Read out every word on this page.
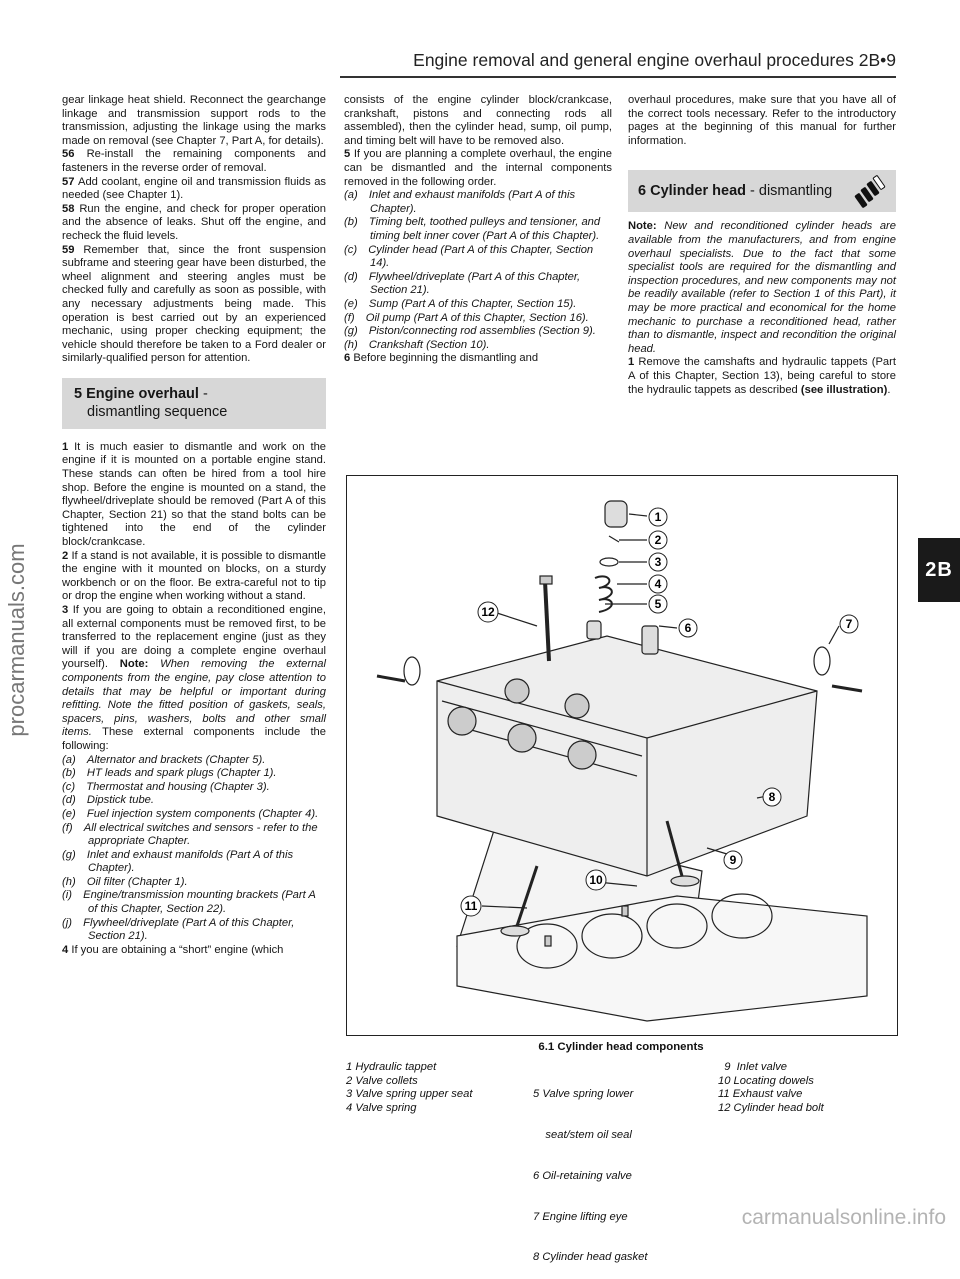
Engine removal and general engine overhaul procedures 2B•9
2B
procarmanuals.com
carmanualsonline.info

gear linkage heat shield. Reconnect the gearchange linkage and transmission support rods to the transmission, adjusting the linkage using the marks made on removal (see Chapter 7, Part A, for details).

56 Re-install the remaining components and fasteners in the reverse order of removal.

57 Add coolant, engine oil and transmission fluids as needed (see Chapter 1).

58 Run the engine, and check for proper operation and the absence of leaks. Shut off the engine, and recheck the fluid levels.

59 Remember that, since the front suspension subframe and steering gear have been disturbed, the wheel alignment and steering angles must be checked fully and carefully as soon as possible, with any necessary adjustments being made. This operation is best carried out by an experienced mechanic, using proper checking equipment; the vehicle should therefore be taken to a Ford dealer or similarly-qualified person for attention.

5 Engine overhaul -
dismantling sequence

1 It is much easier to dismantle and work on the engine if it is mounted on a portable engine stand. These stands can often be hired from a tool hire shop. Before the engine is mounted on a stand, the flywheel/driveplate should be removed (Part A of this Chapter, Section 21) so that the stand bolts can be tightened into the end of the cylinder block/crankcase.

2 If a stand is not available, it is possible to dismantle the engine with it mounted on blocks, on a sturdy workbench or on the floor. Be extra-careful not to tip or drop the engine when working without a stand.

3 If you are going to obtain a reconditioned engine, all external components must be removed first, to be transferred to the replacement engine (just as they will if you are doing a complete engine overhaul yourself). Note: When removing the external components from the engine, pay close attention to details that may be helpful or important during refitting. Note the fitted position of gaskets, seals, spacers, pins, washers, bolts and other small items. These external components include the following:

(a) Alternator and brackets (Chapter 5).
(b) HT leads and spark plugs (Chapter 1).
(c) Thermostat and housing (Chapter 3).
(d) Dipstick tube.
(e) Fuel injection system components (Chapter 4).
(f) All electrical switches and sensors - refer to the appropriate Chapter.
(g) Inlet and exhaust manifolds (Part A of this Chapter).
(h) Oil filter (Chapter 1).
(i) Engine/transmission mounting brackets (Part A of this Chapter, Section 22).
(j) Flywheel/driveplate (Part A of this Chapter, Section 21).

4 If you are obtaining a “short” engine (which

consists of the engine cylinder block/crankcase, crankshaft, pistons and connecting rods all assembled), then the cylinder head, sump, oil pump, and timing belt will have to be removed also.

5 If you are planning a complete overhaul, the engine can be dismantled and the internal components removed in the following order.

(a) Inlet and exhaust manifolds (Part A of this Chapter).
(b) Timing belt, toothed pulleys and tensioner, and timing belt inner cover (Part A of this Chapter).
(c) Cylinder head (Part A of this Chapter, Section 14).
(d) Flywheel/driveplate (Part A of this Chapter, Section 21).
(e) Sump (Part A of this Chapter, Section 15).
(f) Oil pump (Part A of this Chapter, Section 16).
(g) Piston/connecting rod assemblies (Section 9).
(h) Crankshaft (Section 10).

6 Before beginning the dismantling and

overhaul procedures, make sure that you have all of the correct tools necessary. Refer to the introductory pages at the beginning of this manual for further information.

6 Cylinder head - dismantling

Note: New and reconditioned cylinder heads are available from the manufacturers, and from engine overhaul specialists. Due to the fact that some specialist tools are required for the dismantling and inspection procedures, and new components may not be readily available (refer to Section 1 of this Part), it may be more practical and economical for the home mechanic to purchase a reconditioned head, rather than to dismantle, inspect and recondition the original head.

1 Remove the camshafts and hydraulic tappets (Part A of this Chapter, Section 13), being careful to store the hydraulic tappets as described (see illustration).

1
2
3
4
5
6	7
8
9
10
11
12
6.1 Cylinder head components
1 Hydraulic tappet
2 Valve collets
3 Valve spring upper seat
4 Valve spring

5 Valve spring lower

seat/stem oil seal

6 Oil-retaining valve

7 Engine lifting eye

8 Cylinder head gasket

9  Inlet valve
10 Locating dowels
11 Exhaust valve
12 Cylinder head bolt
